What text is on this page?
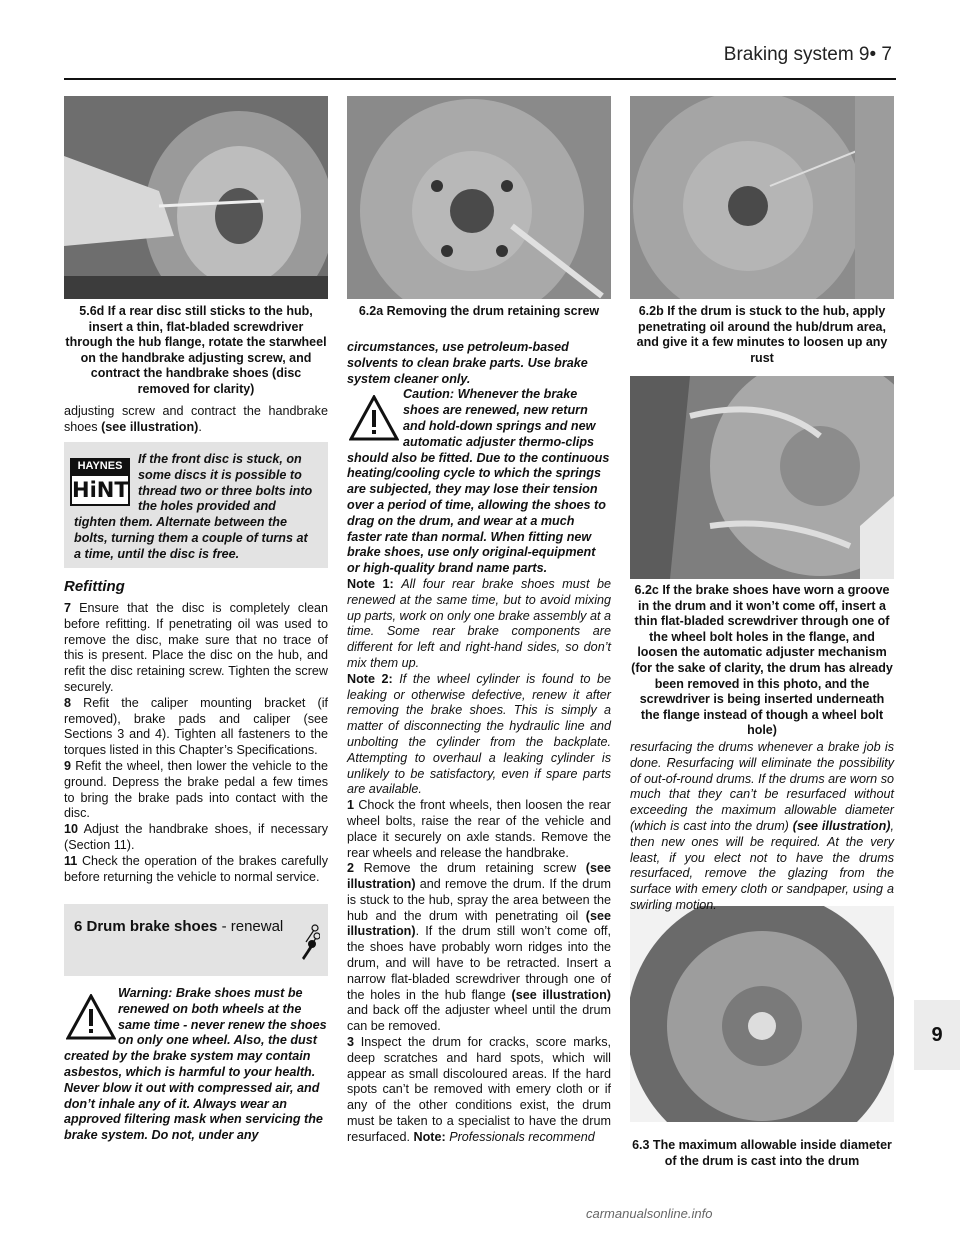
Braking system 9• 7
5.6d If a rear disc still sticks to the hub, insert a thin, flat-bladed screwdriver through the hub flange, rotate the starwheel on the handbrake adjusting screw, and contract the handbrake shoes (disc removed for clarity)
6.2a Removing the drum retaining screw	6.2b If the drum is stuck to the hub, apply penetrating oil around the hub/drum area, and give it a few minutes to loosen up any rust
6.2c If the brake shoes have worn a groove in the drum and it won’t come off, insert a thin flat-bladed screwdriver through one of the wheel bolt holes in the flange, and loosen the automatic adjuster mechanism (for the sake of clarity, the drum has already been removed in this photo, and the screwdriver is being inserted underneath the flange instead of though a wheel bolt hole)
6.3 The maximum allowable inside diameter of the drum is cast into the drum
adjusting screw and contract the handbrake shoes (see illustration).
HAYNES
HiNT
If the front disc is stuck, on some discs it is possible to thread two or three bolts into the holes provided and tighten them. Alternate between the bolts, turning them a couple of turns at a time, until the disc is free.
Refitting

7 Ensure that the disc is completely clean before refitting. If penetrating oil was used to remove the disc, make sure that no trace of this is present. Place the disc on the hub, and refit the disc retaining screw. Tighten the screw securely.

8 Refit the caliper mounting bracket (if removed), brake pads and caliper (see Sections 3 and 4). Tighten all fasteners to the torques listed in this Chapter’s Specifications.

9 Refit the wheel, then lower the vehicle to the ground. Depress the brake pedal a few times to bring the brake pads into contact with the disc.

10 Adjust the handbrake shoes, if necessary (Section 11).

11 Check the operation of the brakes carefully before returning the vehicle to normal service.

6 Drum brake shoes - renewal
Warning: Brake shoes must be renewed on both wheels at the same time - never renew the shoes on only one wheel. Also, the dust created by the brake system may contain asbestos, which is harmful to your health. Never blow it out with compressed air, and don’t inhale any of it. Always wear an approved filtering mask when servicing the brake system. Do not, under any

circumstances, use petroleum-based solvents to clean brake parts. Use brake system cleaner only.

Caution: Whenever the brake shoes are renewed, new return and hold-down springs and new automatic adjuster thermo-clips should also be fitted. Due to the continuous heating/cooling cycle to which the springs are subjected, they may lose their tension over a period of time, allowing the shoes to drag on the drum, and wear at a much faster rate than normal. When fitting new brake shoes, use only original-equipment or high-quality brand name parts.

Note 1: All four rear brake shoes must be renewed at the same time, but to avoid mixing up parts, work on only one brake assembly at a time. Some rear brake components are different for left and right-hand sides, so don’t mix them up.

Note 2: If the wheel cylinder is found to be leaking or otherwise defective, renew it after removing the brake shoes. This is simply a matter of disconnecting the hydraulic line and unbolting the cylinder from the backplate. Attempting to overhaul a leaking cylinder is unlikely to be satisfactory, even if spare parts are available.

1 Chock the front wheels, then loosen the rear wheel bolts, raise the rear of the vehicle and place it securely on axle stands. Remove the rear wheels and release the handbrake.

2 Remove the drum retaining screw (see illustration) and remove the drum. If the drum is stuck to the hub, spray the area between the hub and the drum with penetrating oil (see illustration). If the drum still won’t come off, the shoes have probably worn ridges into the drum, and will have to be retracted. Insert a narrow flat-bladed screwdriver through one of the holes in the hub flange (see illustration) and back off the adjuster wheel until the drum can be removed.

3 Inspect the drum for cracks, score marks, deep scratches and hard spots, which will appear as small discoloured areas. If the hard spots can’t be removed with emery cloth or if any of the other conditions exist, the drum must be taken to a specialist to have the drum resurfaced. Note: Professionals recommend

resurfacing the drums whenever a brake job is done. Resurfacing will eliminate the possibility of out-of-round drums. If the drums are worn so much that they can’t be resurfaced without exceeding the maximum allowable diameter (which is cast into the drum) (see illustration), then new ones will be required. At the very least, if you elect not to have the drums resurfaced, remove the glazing from the surface with emery cloth or sandpaper, using a swirling motion.
9
carmanualsonline.info
